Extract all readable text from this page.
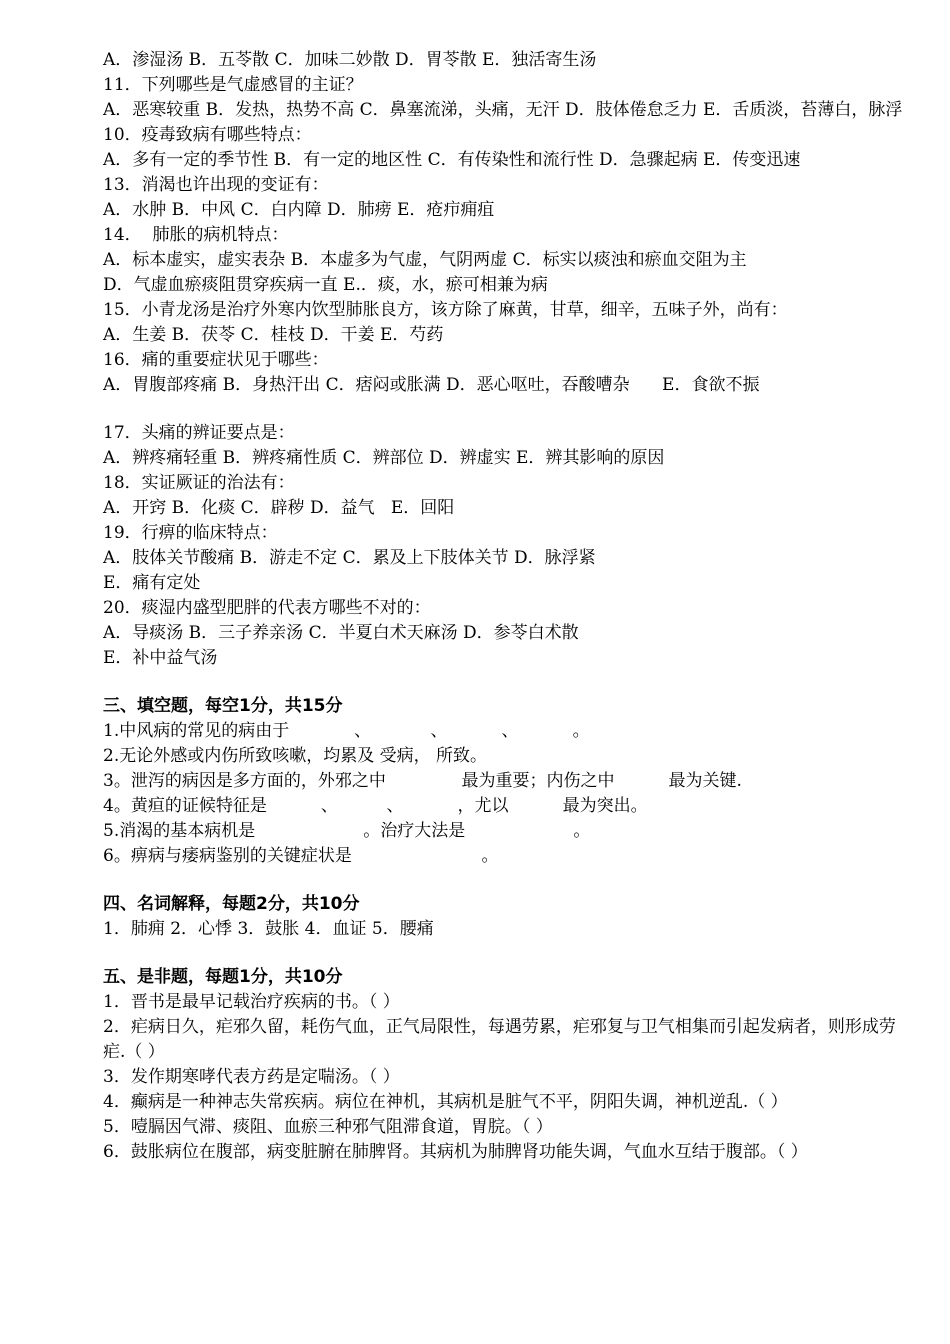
A．渗湿汤 B．五苓散 C．加味二妙散 D．胃苓散 E．独活寄生汤
11．下列哪些是气虚感冒的主证？
A．恶寒较重 B．发热，热势不高 C．鼻塞流涕，头痛，无汗 D．肢体倦怠乏力 E．舌质淡，苔薄白，脉浮
10．疫毒致病有哪些特点：
A．多有一定的季节性 B．有一定的地区性 C．有传染性和流行性 D．急骤起病 E．传变迅速
13．消渴也许出现的变证有：
A．水肿 B．中风 C．白内障 D．肺痨 E．疮疖痈疽
14．  肺胀的病机特点：
A．标本虚实，虚实表杂 B．本虚多为气虚，气阴两虚 C．标实以痰浊和瘀血交阻为主
D．气虚血瘀痰阻贯穿疾病一直 E.．痰，水，瘀可相兼为病
15．小青龙汤是治疗外寒内饮型肺胀良方，该方除了麻黄，甘草，细辛，五味子外，尚有：
A．生姜 B．茯苓 C．桂枝 D．干姜 E．芍药
16．痛的重要症状见于哪些：
A．胃腹部疼痛 B．身热汗出 C．痞闷或胀满 D．恶心呕吐，吞酸嘈杂      E．食欲不振
17．头痛的辨证要点是：
A．辨疼痛轻重 B．辨疼痛性质 C．辨部位 D．辨虚实 E．辨其影响的原因
18．实证厥证的治法有：
A．开窍 B．化痰 C．辟秽 D．益气   E．回阳
19．行痹的临床特点：
A．肢体关节酸痛 B．游走不定 C．累及上下肢体关节 D．脉浮紧
E．痛有定处
20．痰湿内盛型肥胖的代表方哪些不对的：
A．导痰汤 B．三子养亲汤 C．半夏白术天麻汤 D．参苓白术散
E．补中益气汤
三、填空题，每空1分，共15分
1.中风病的常见的病由于            、           、          、          。
2.无论外感或内伤所致咳嗽，均累及 受病， 所致。
3。泄泻的病因是多方面的，外邪之中              最为重要；内伤之中          最为关键.
4。黄疸的证候特征是          、         、          ，尤以          最为突出。
5.消渴的基本病机是                    。治疗大法是                    。
6。痹病与痿病鉴别的关键症状是                        。
四、名词解释，每题2分，共10分
1．肺痈 2．心悸 3．鼓胀 4．血证 5．腰痛
五、是非题，每题1分，共10分
1．晋书是最早记载治疗疾病的书。（ ）
2．疟病日久，疟邪久留，耗伤气血，正气局限性，每遇劳累，疟邪复与卫气相集而引起发病者，则形成劳疟.（ ）
3．发作期寒哮代表方药是定喘汤。（ ）
4．癫病是一种神志失常疾病。病位在神机，其病机是脏气不平，阴阳失调，神机逆乱.（ ）
5．噎膈因气滞、痰阻、血瘀三种邪气阻滞食道，胃脘。（ ）
6．鼓胀病位在腹部，病变脏腑在肺脾肾。其病机为肺脾肾功能失调，气血水互结于腹部。（ ）
